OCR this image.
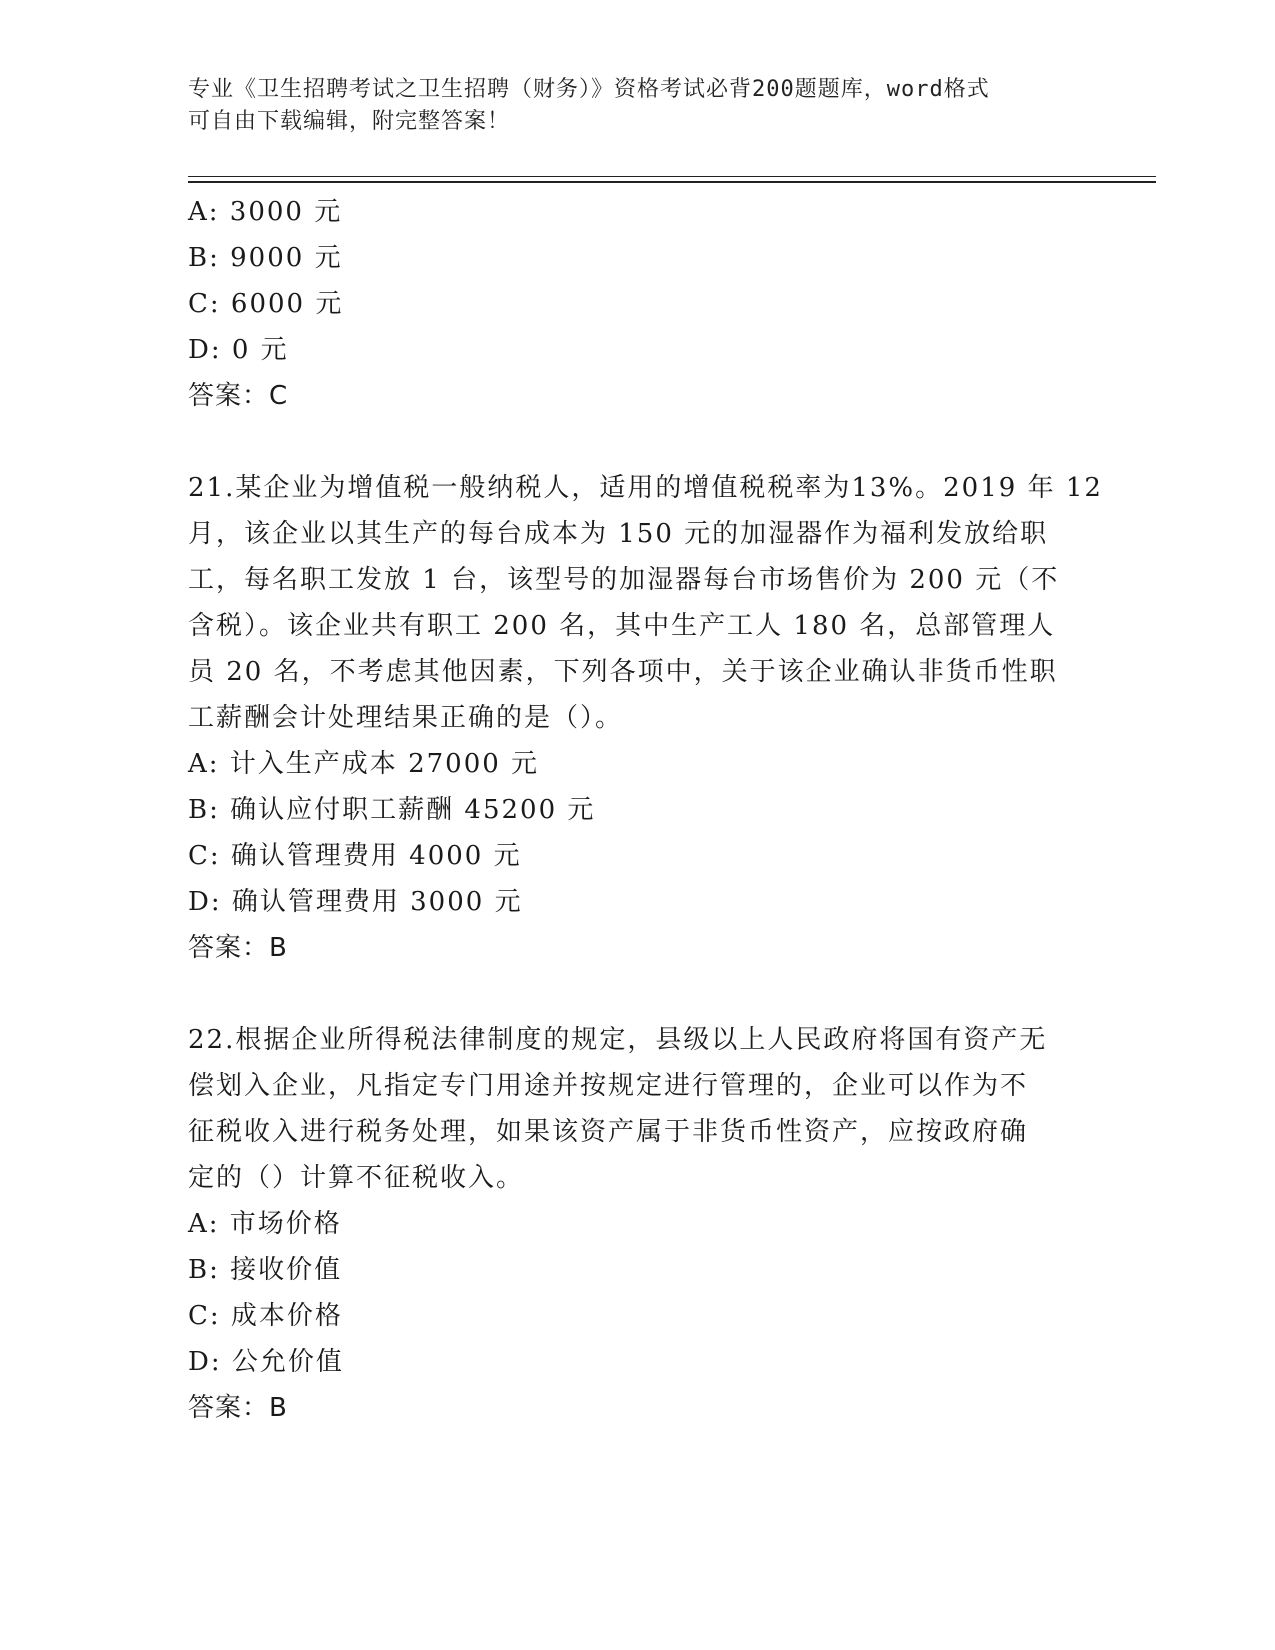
专业《卫生招聘考试之卫生招聘（财务）》资格考试必背200题题库，word格式
可自由下载编辑，附完整答案！
A: 3000 元
B: 9000 元
C: 6000 元
D: 0 元
答案：C
21.某企业为增值税一般纳税人，适用的增值税税率为13%。2019 年 12
月，该企业以其生产的每台成本为 150 元的加湿器作为福利发放给职
工，每名职工发放 1 台，该型号的加湿器每台市场售价为 200 元（不
含税）。该企业共有职工 200 名，其中生产工人 180 名，总部管理人
员 20 名，不考虑其他因素，下列各项中，关于该企业确认非货币性职
工薪酬会计处理结果正确的是（）。
A: 计入生产成本 27000 元
B: 确认应付职工薪酬 45200 元
C: 确认管理费用 4000 元
D: 确认管理费用 3000 元
答案：B
22.根据企业所得税法律制度的规定，县级以上人民政府将国有资产无
偿划入企业，凡指定专门用途并按规定进行管理的，企业可以作为不
征税收入进行税务处理，如果该资产属于非货币性资产，应按政府确
定的（）计算不征税收入。
A: 市场价格
B: 接收价值
C: 成本价格
D: 公允价值
答案：B
